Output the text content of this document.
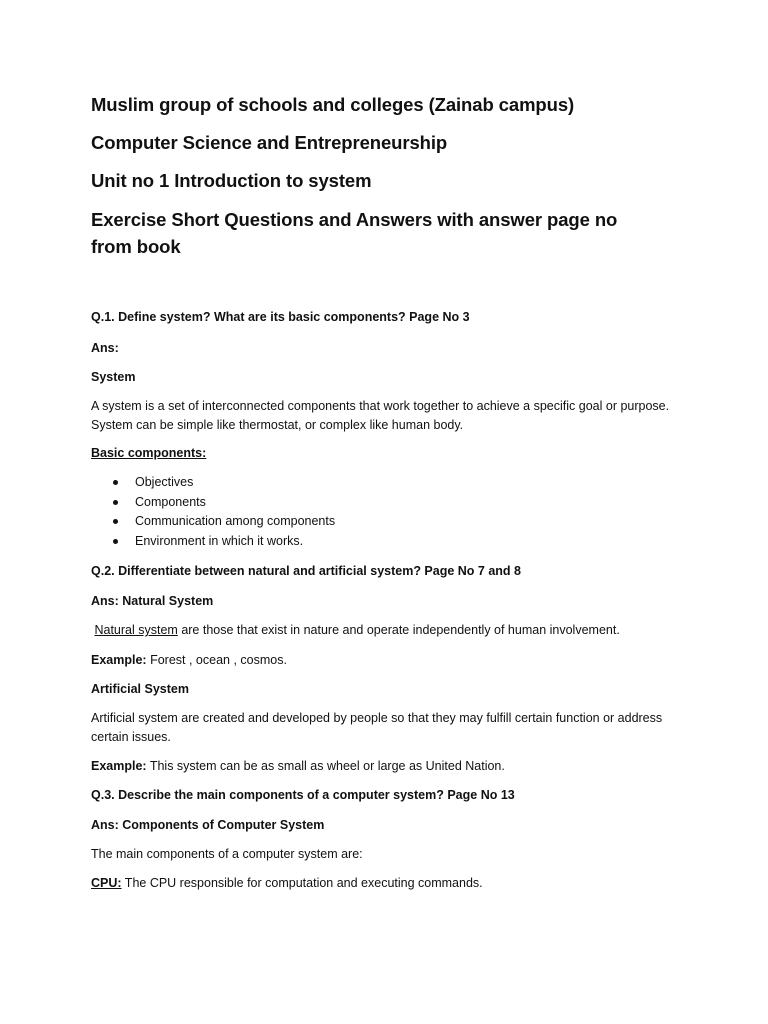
Muslim group of schools and colleges (Zainab campus)
Computer Science and Entrepreneurship
Unit no 1 Introduction to system
Exercise Short Questions and Answers with answer page no from book
Q.1. Define system? What are its basic components? Page No 3
Ans:
System
A system is a set of interconnected components that work together to achieve a specific goal or purpose. System can be simple like thermostat, or complex like human body.
Basic components:
Objectives
Components
Communication among components
Environment in which it works.
Q.2. Differentiate between natural and artificial system? Page No 7 and 8
Ans: Natural System
Natural system are those that exist in nature and operate independently of human involvement.
Example: Forest , ocean , cosmos.
Artificial System
Artificial system are created and developed by people so that they may fulfill certain function or address certain issues.
Example: This system can be as small as wheel or large as United Nation.
Q.3. Describe the main components of a computer system? Page No 13
Ans: Components of Computer System
The main components of a computer system are:
CPU: The CPU responsible for computation and executing commands.
